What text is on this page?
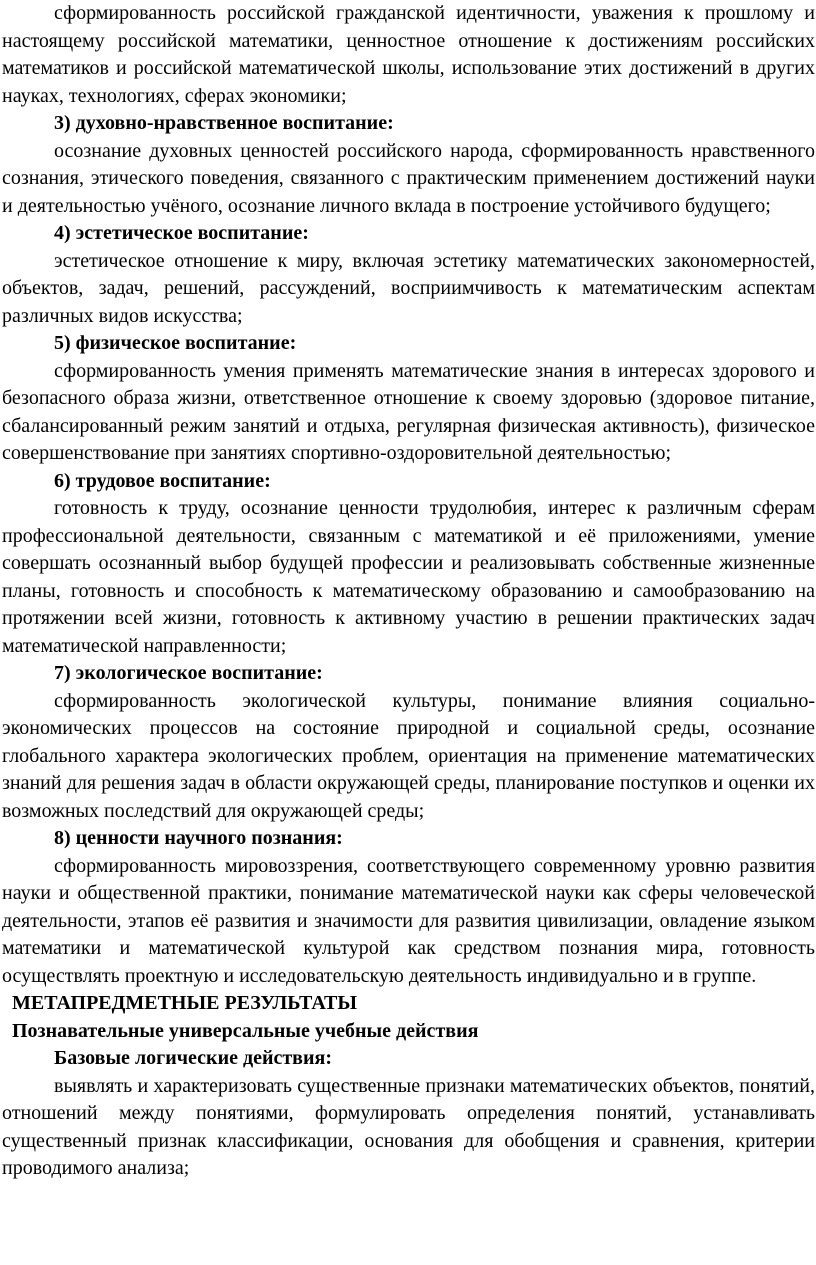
сформированность российской гражданской идентичности, уважения к прошлому и настоящему российской математики, ценностное отношение к достижениям российских математиков и российской математической школы, использование этих достижений в других науках, технологиях, сферах экономики;

3) духовно-нравственное воспитание:

осознание духовных ценностей российского народа, сформированность нравственного сознания, этического поведения, связанного с практическим применением достижений науки и деятельностью учёного, осознание личного вклада в построение устойчивого будущего;

4) эстетическое воспитание:

эстетическое отношение к миру, включая эстетику математических закономерностей, объектов, задач, решений, рассуждений, восприимчивость к математическим аспектам различных видов искусства;

5) физическое воспитание:

сформированность умения применять математические знания в интересах здорового и безопасного образа жизни, ответственное отношение к своему здоровью (здоровое питание, сбалансированный режим занятий и отдыха, регулярная физическая активность), физическое совершенствование при занятиях спортивно-оздоровительной деятельностью;

6) трудовое воспитание:

готовность к труду, осознание ценности трудолюбия, интерес к различным сферам профессиональной деятельности, связанным с математикой и её приложениями, умение совершать осознанный выбор будущей профессии и реализовывать собственные жизненные планы, готовность и способность к математическому образованию и самообразованию на протяжении всей жизни, готовность к активному участию в решении практических задач математической направленности;

7) экологическое воспитание:

сформированность экологической культуры, понимание влияния социально-экономических процессов на состояние природной и социальной среды, осознание глобального характера экологических проблем, ориентация на применение математических знаний для решения задач в области окружающей среды, планирование поступков и оценки их возможных последствий для окружающей среды;

8) ценности научного познания:

сформированность мировоззрения, соответствующего современному уровню развития науки и общественной практики, понимание математической науки как сферы человеческой деятельности, этапов её развития и значимости для развития цивилизации, овладение языком математики и математической культурой как средством познания мира, готовность осуществлять проектную и исследовательскую деятельность индивидуально и в группе.

МЕТАПРЕДМЕТНЫЕ РЕЗУЛЬТАТЫ

Познавательные универсальные учебные действия

Базовые логические действия:

выявлять и характеризовать существенные признаки математических объектов, понятий, отношений между понятиями, формулировать определения понятий, устанавливать существенный признак классификации, основания для обобщения и сравнения, критерии проводимого анализа;
